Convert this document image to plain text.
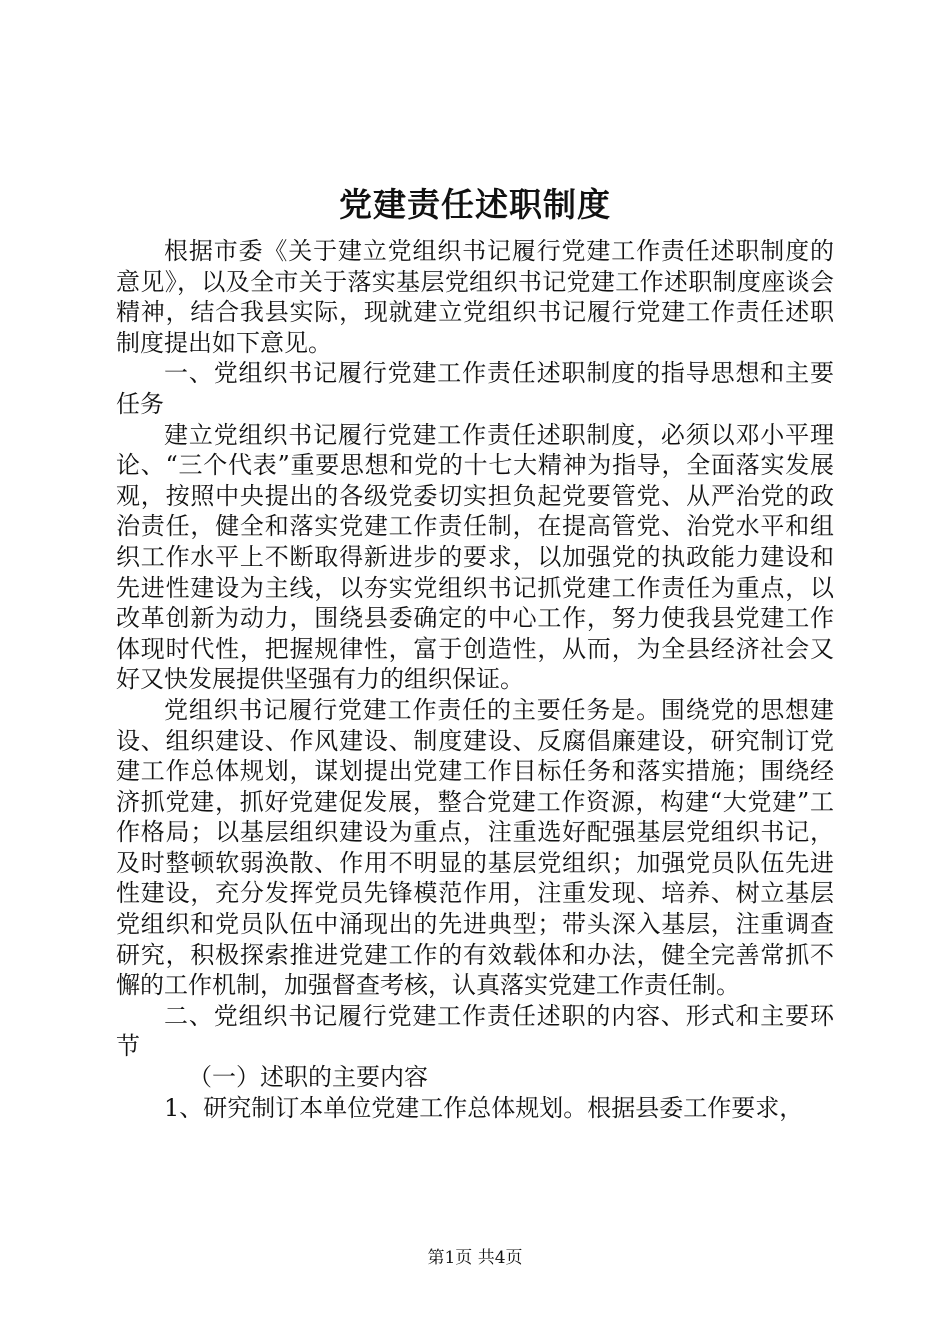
党建责任述职制度

根据市委《关于建立党组织书记履行党建工作责任述职制度的意见》，以及全市关于落实基层党组织书记党建工作述职制度座谈会精神，结合我县实际，现就建立党组织书记履行党建工作责任述职制度提出如下意见。

一、党组织书记履行党建工作责任述职制度的指导思想和主要任务

建立党组织书记履行党建工作责任述职制度，必须以邓小平理论、“三个代表”重要思想和党的十七大精神为指导，全面落实发展观，按照中央提出的各级党委切实担负起党要管党、从严治党的政治责任，健全和落实党建工作责任制，在提高管党、治党水平和组织工作水平上不断取得新进步的要求，以加强党的执政能力建设和先进性建设为主线，以夯实党组织书记抓党建工作责任为重点，以改革创新为动力，围绕县委确定的中心工作，努力使我县党建工作体现时代性，把握规律性，富于创造性，从而，为全县经济社会又好又快发展提供坚强有力的组织保证。

党组织书记履行党建工作责任的主要任务是。围绕党的思想建设、组织建设、作风建设、制度建设、反腐倡廉建设，研究制订党建工作总体规划，谋划提出党建工作目标任务和落实措施；围绕经济抓党建，抓好党建促发展，整合党建工作资源，构建“大党建”工作格局；以基层组织建设为重点，注重选好配强基层党组织书记，及时整顿软弱涣散、作用不明显的基层党组织；加强党员队伍先进性建设，充分发挥党员先锋模范作用，注重发现、培养、树立基层党组织和党员队伍中涌现出的先进典型；带头深入基层，注重调查研究，积极探索推进党建工作的有效载体和办法，健全完善常抓不懈的工作机制，加强督查考核，认真落实党建工作责任制。

二、党组织书记履行党建工作责任述职的内容、形式和主要环节

（一）述职的主要内容

1、研究制订本单位党建工作总体规划。根据县委工作要求，

第1页 共4页
